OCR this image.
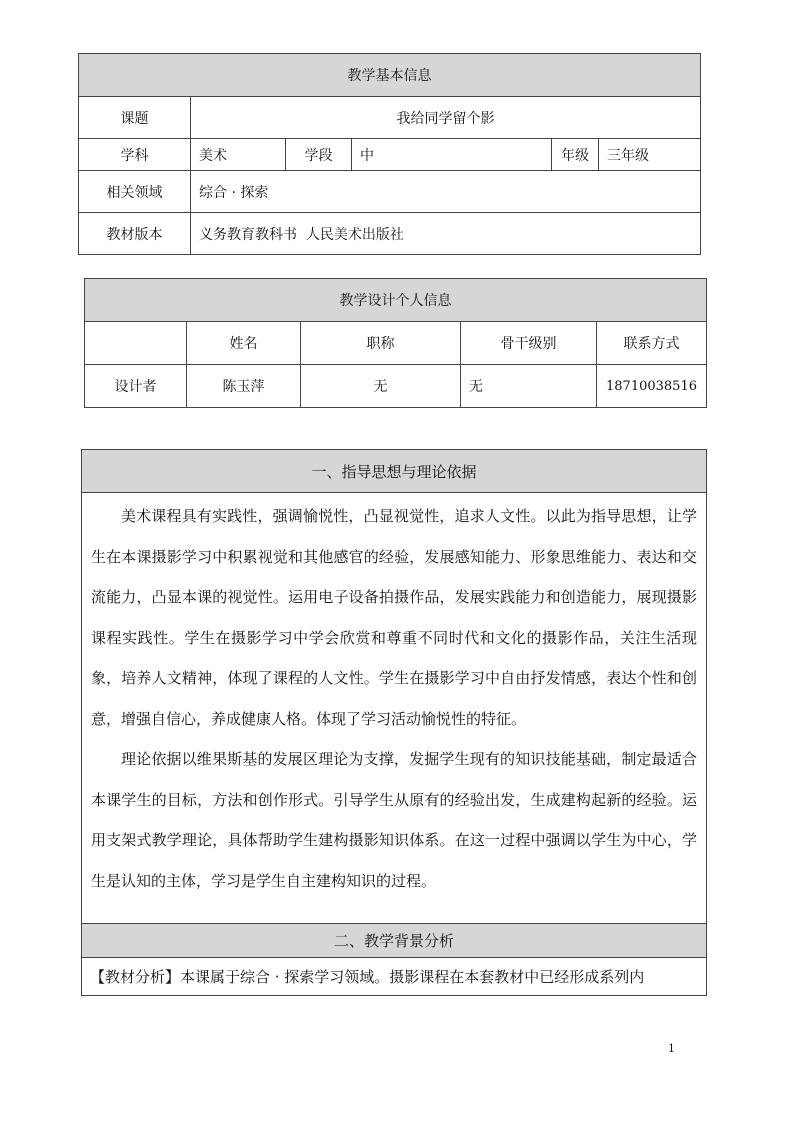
教学基本信息					
课题	我给同学留个影				
学科	美术	学段	中	年级	三年级
相关领域	综合 · 探索				
教材版本	义务教育教科书  人民美术出版社				
教学设计个人信息				
	姓名	职称	骨干级别	联系方式
设计者	陈玉萍	无	无	18710038516
一、指导思想与理论依据

美术课程具有实践性，强调愉悦性，凸显视觉性，追求人文性。以此为指导思想，让学生在本课摄影学习中积累视觉和其他感官的经验，发展感知能力、形象思维能力、表达和交流能力，凸显本课的视觉性。运用电子设备拍摄作品，发展实践能力和创造能力，展现摄影课程实践性。学生在摄影学习中学会欣赏和尊重不同时代和文化的摄影作品，关注生活现象，培养人文精神，体现了课程的人文性。学生在摄影学习中自由抒发情感，表达个性和创意，增强自信心，养成健康人格。体现了学习活动愉悦性的特征。

理论依据以维果斯基的发展区理论为支撑，发掘学生现有的知识技能基础，制定最适合本课学生的目标，方法和创作形式。引导学生从原有的经验出发，生成建构起新的经验。运用支架式教学理论，具体帮助学生建构摄影知识体系。在这一过程中强调以学生为中心，学生是认知的主体，学习是学生自主建构知识的过程。

二、教学背景分析
【教材分析】本课属于综合 · 探索学习领域。摄影课程在本套教材中已经形成系列内
1
